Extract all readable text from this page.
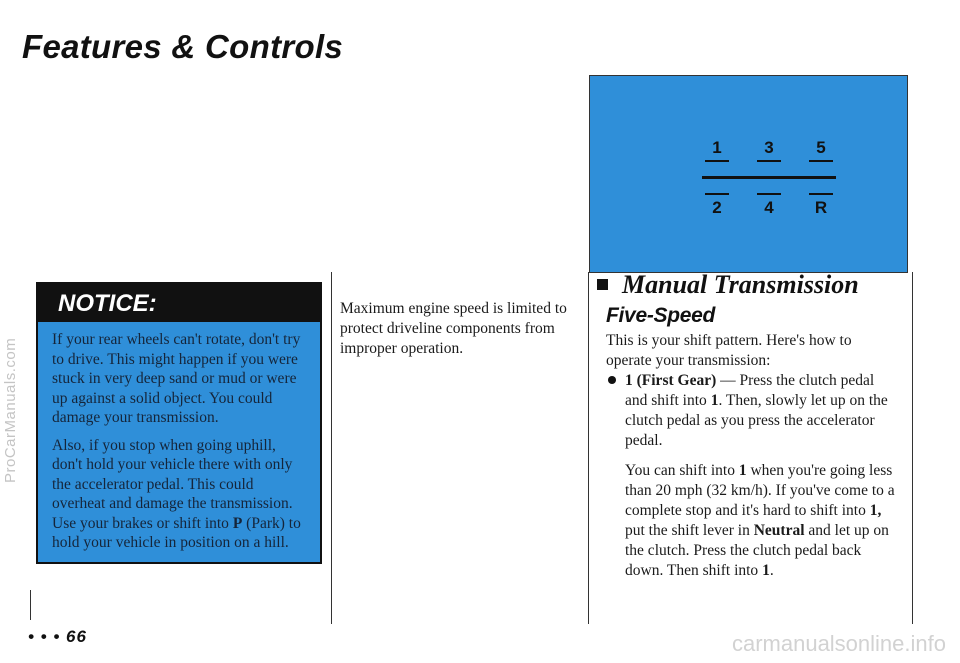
ProCarManuals.com
carmanualsonline.info
Features & Controls
NOTICE:

If your rear wheels can't rotate, don't try to drive. This might happen if you were stuck in very deep sand or mud or were up against a solid object. You could damage your transmission.

Also, if you stop when going uphill, don't hold your vehicle there with only the accelerator pedal. This could overheat and damage the transmission. Use your brakes or shift into P (Park) to hold your vehicle in position on a hill.

Maximum engine speed is limited to protect driveline components from improper operation.

1	3	5
2	4	R
Manual Transmission
Five-Speed

This is your shift pattern. Here's how to operate your transmission:

1 (First Gear) — Press the clutch pedal and shift into 1. Then, slowly let up on the clutch pedal as you press the accelerator pedal.

You can shift into 1 when you're going less than 20 mph (32 km/h). If you've come to a complete stop and it's hard to shift into 1, put the shift lever in Neutral and let up on the clutch. Press the clutch pedal back down. Then shift into 1.

• • • 66
